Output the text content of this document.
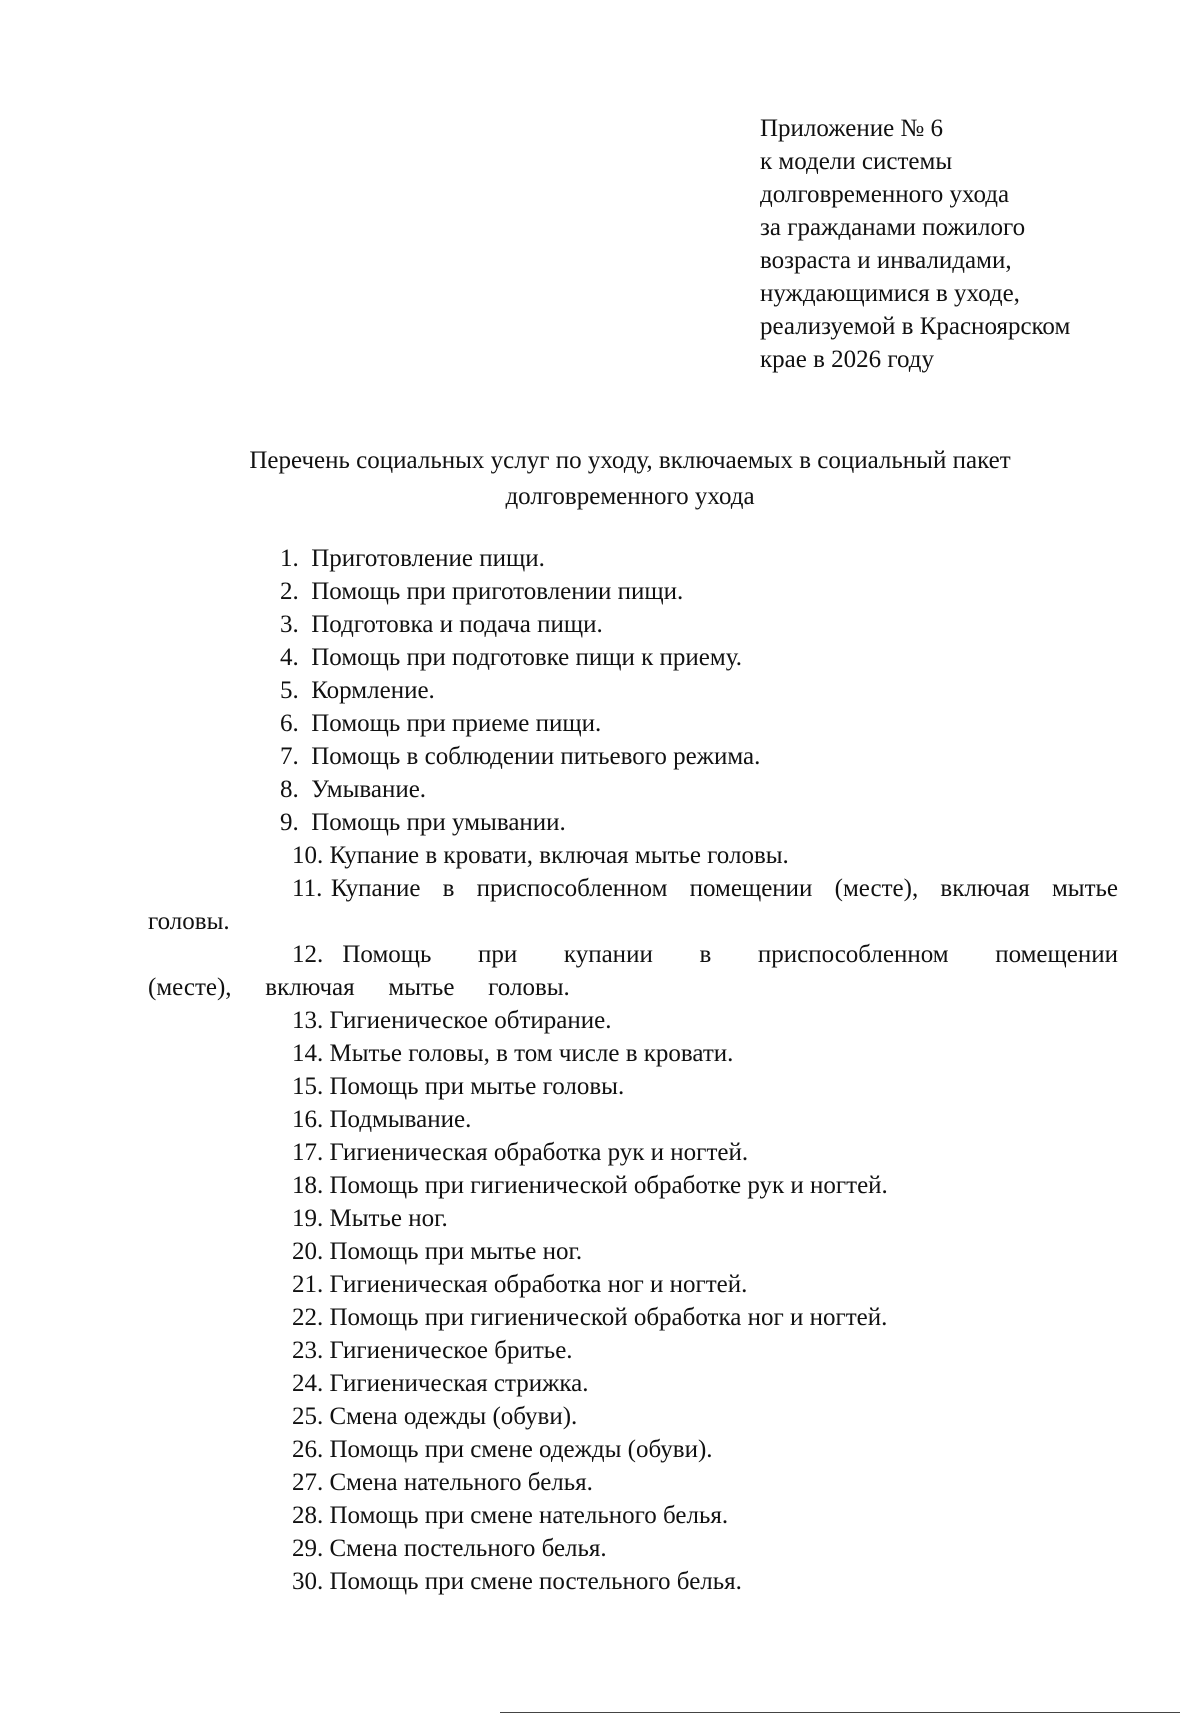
Приложение № 6
к модели системы
долговременного ухода
за гражданами пожилого
возраста и инвалидами,
нуждающимися в уходе,
реализуемой в Красноярском
крае в 2026 году
Перечень социальных услуг по уходу, включаемых в социальный пакет
долговременного ухода
1. Приготовление пищи.
2. Помощь при приготовлении пищи.
3. Подготовка и подача пищи.
4. Помощь при подготовке пищи к приему.
5. Кормление.
6. Помощь при приеме пищи.
7. Помощь в соблюдении питьевого режима.
8. Умывание.
9. Помощь при умывании.
10. Купание в кровати, включая мытье головы.
11. Купание в приспособленном помещении (месте), включая мытье головы.
12. Помощь при купании в приспособленном помещении (месте), включая мытье головы.
13. Гигиеническое обтирание.
14. Мытье головы, в том числе в кровати.
15. Помощь при мытье головы.
16. Подмывание.
17. Гигиеническая обработка рук и ногтей.
18. Помощь при гигиенической обработке рук и ногтей.
19. Мытье ног.
20. Помощь при мытье ног.
21. Гигиеническая обработка ног и ногтей.
22. Помощь при гигиенической обработка ног и ногтей.
23. Гигиеническое бритье.
24. Гигиеническая стрижка.
25. Смена одежды (обуви).
26. Помощь при смене одежды (обуви).
27. Смена нательного белья.
28. Помощь при смене нательного белья.
29. Смена постельного белья.
30. Помощь при смене постельного белья.
